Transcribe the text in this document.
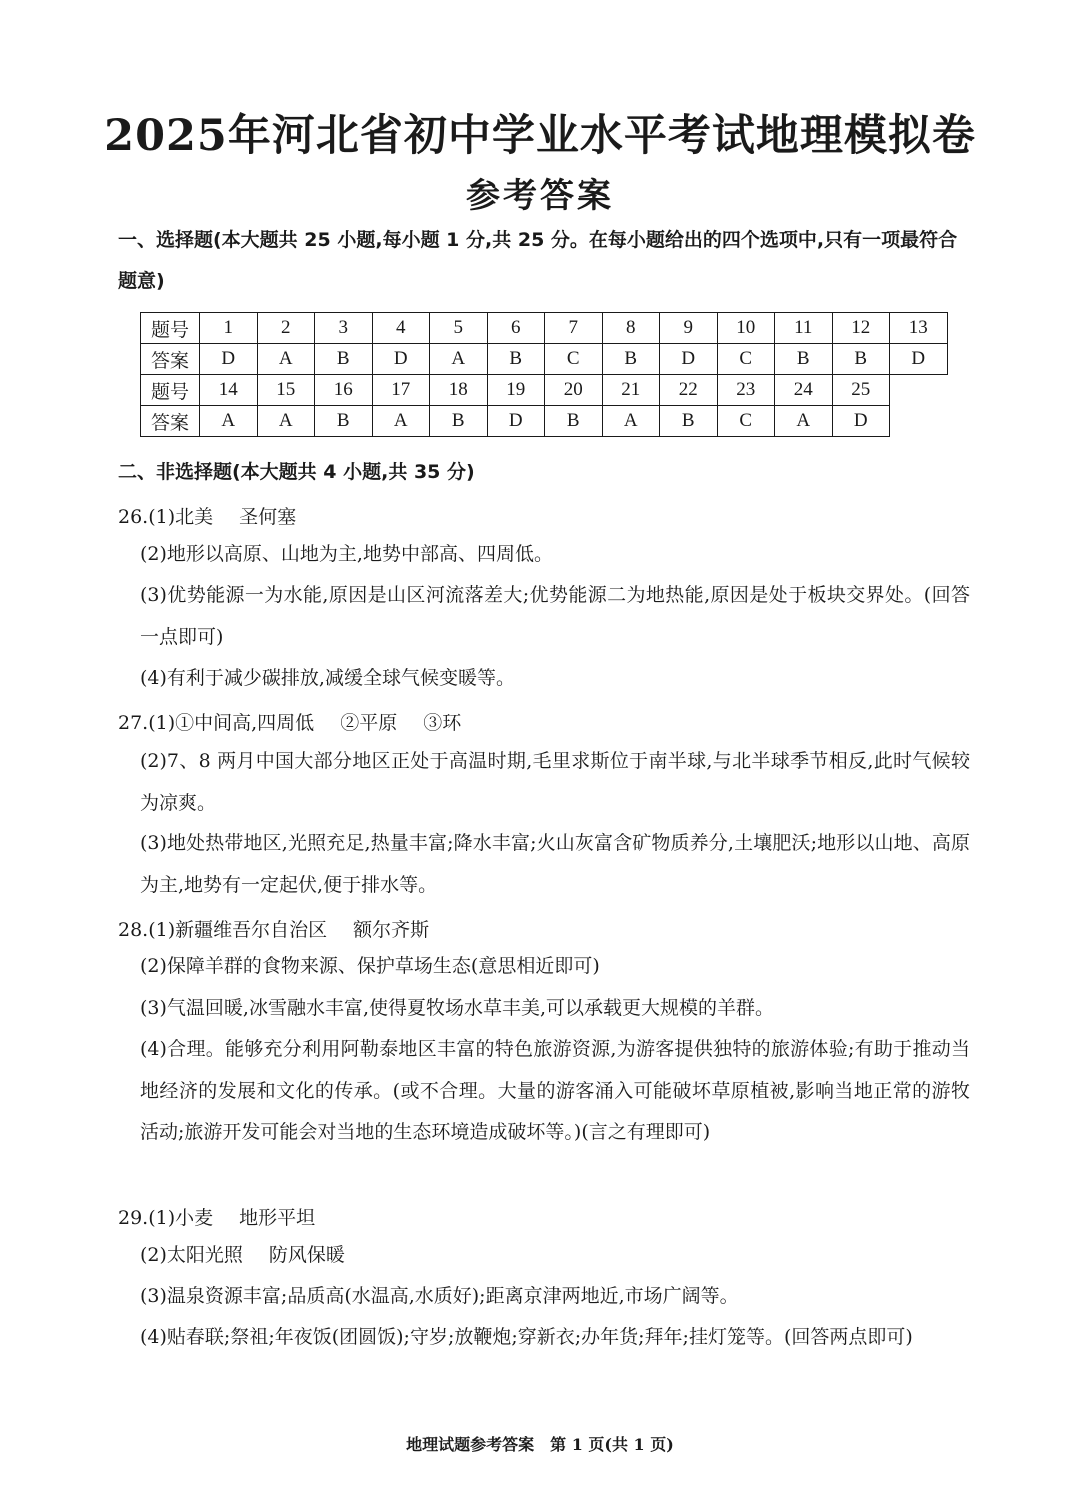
2025年河北省初中学业水平考试地理模拟卷
参考答案
一、选择题(本大题共 25 小题,每小题 1 分,共 25 分。在每小题给出的四个选项中,只有一项最符合题意)
题号	1	2	3	4	5	6	7	8	9	10	11	12	13
答案	D	A	B	D	A	B	C	B	D	C	B	B	D
题号	14	15	16	17	18	19	20	21	22	23	24	25	
答案	A	A	B	A	B	D	B	A	B	C	A	D	
二、非选择题(本大题共 4 小题,共 35 分)
26.(1)北美 圣何塞
(2)地形以高原、山地为主,地势中部高、四周低。
(3)优势能源一为水能,原因是山区河流落差大;优势能源二为地热能,原因是处于板块交界处。(回答一点即可)
(4)有利于减少碳排放,减缓全球气候变暖等。
27.(1)①中间高,四周低 ②平原 ③环
(2)7、8 两月中国大部分地区正处于高温时期,毛里求斯位于南半球,与北半球季节相反,此时气候较为凉爽。
(3)地处热带地区,光照充足,热量丰富;降水丰富;火山灰富含矿物质养分,土壤肥沃;地形以山地、高原为主,地势有一定起伏,便于排水等。
28.(1)新疆维吾尔自治区 额尔齐斯
(2)保障羊群的食物来源、保护草场生态(意思相近即可)
(3)气温回暖,冰雪融水丰富,使得夏牧场水草丰美,可以承载更大规模的羊群。
(4)合理。能够充分利用阿勒泰地区丰富的特色旅游资源,为游客提供独特的旅游体验;有助于推动当地经济的发展和文化的传承。(或不合理。大量的游客涌入可能破坏草原植被,影响当地正常的游牧活动;旅游开发可能会对当地的生态环境造成破坏等。)(言之有理即可)
29.(1)小麦 地形平坦
(2)太阳光照 防风保暖
(3)温泉资源丰富;品质高(水温高,水质好);距离京津两地近,市场广阔等。
(4)贴春联;祭祖;年夜饭(团圆饭);守岁;放鞭炮;穿新衣;办年货;拜年;挂灯笼等。(回答两点即可)
地理试题参考答案　第 1 页(共 1 页)
